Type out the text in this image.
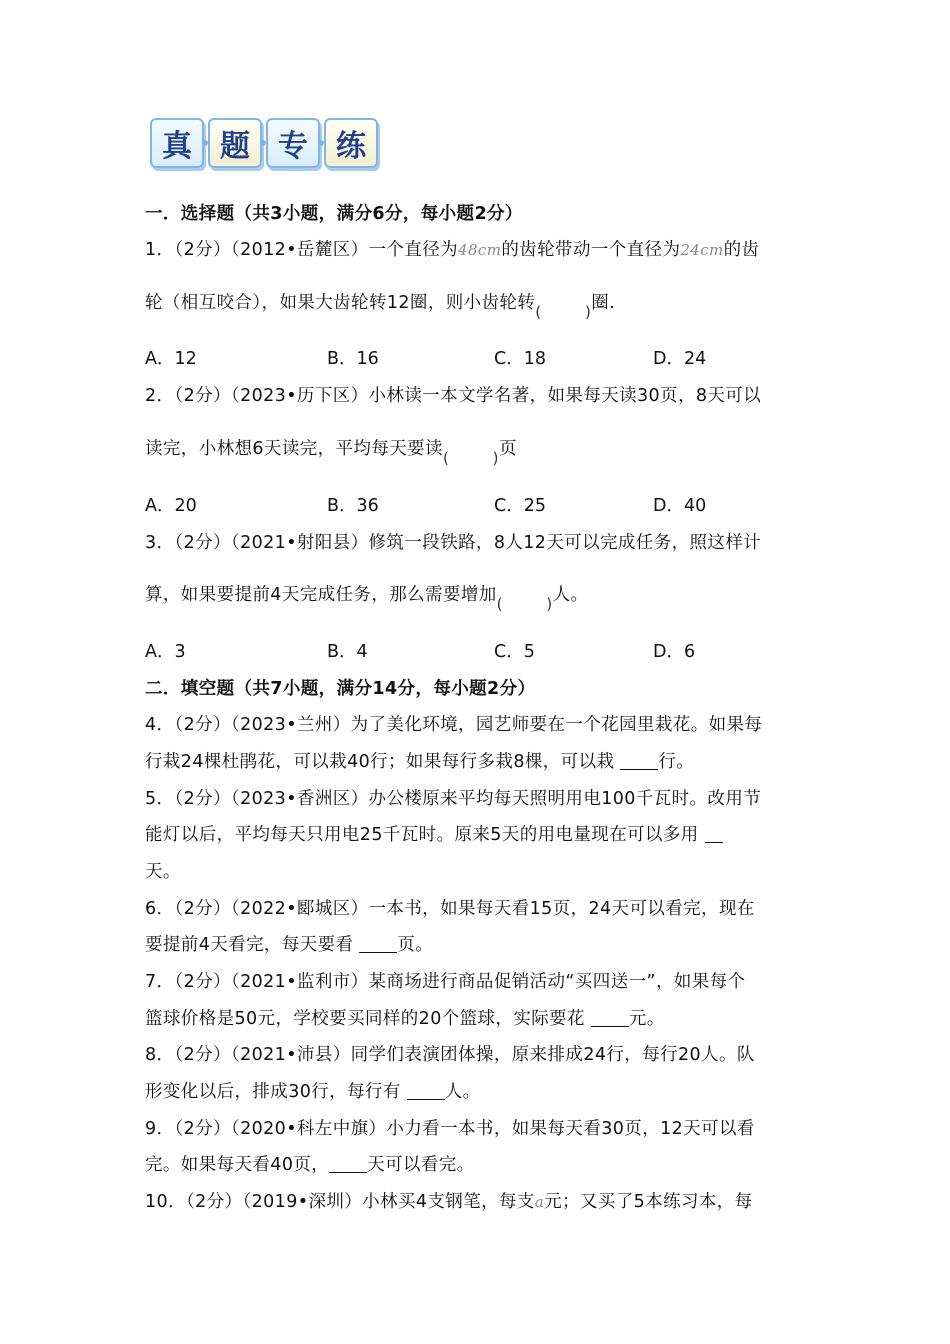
真 题 专 练
一．选择题（共3小题，满分6分，每小题2分）
1．（2分）（2012•岳麓区）一个直径为48cm的齿轮带动一个直径为24cm的齿
轮（相互咬合），如果大齿轮转12圈，则小齿轮转 (	) 圈.
A．12	B．16	C．18	D．24
2．（2分）（2023•历下区）小林读一本文学名著，如果每天读30页，8天可以
读完，小林想6天读完，平均每天要读 (	) 页
A．20	B．36	C．25	D．40
3．（2分）（2021•射阳县）修筑一段铁路，8人12天可以完成任务，照这样计
算，如果要提前4天完成任务，那么需要增加 (	) 人。
A．3	B．4	C．5	D．6
二．填空题（共7小题，满分14分，每小题2分）
4．（2分）（2023•兰州）为了美化环境，园艺师要在一个花园里栽花。如果每
行栽24棵杜鹃花，可以栽40行；如果每行多栽8棵，可以栽 行。
5．（2分）（2023•香洲区）办公楼原来平均每天照明用电100千瓦时。改用节
能灯以后，平均每天只用电25千瓦时。原来5天的用电量现在可以多用
天。
6．（2分）（2022•郾城区）一本书，如果每天看15页，24天可以看完，现在
要提前4天看完，每天要看 页。
7．（2分）（2021•监利市）某商场进行商品促销活动“买四送一”，如果每个
篮球价格是50元，学校要买同样的20个篮球，实际要花 元。
8．（2分）（2021•沛县）同学们表演团体操，原来排成24行，每行20人。队
形变化以后，排成30行，每行有 人。
9．（2分）（2020•科左中旗）小力看一本书，如果每天看30页，12天可以看
完。如果每天看40页， 天可以看完。
10．（2分）（2019•深圳）小林买4支钢笔，每支a元；又买了5本练习本，每
